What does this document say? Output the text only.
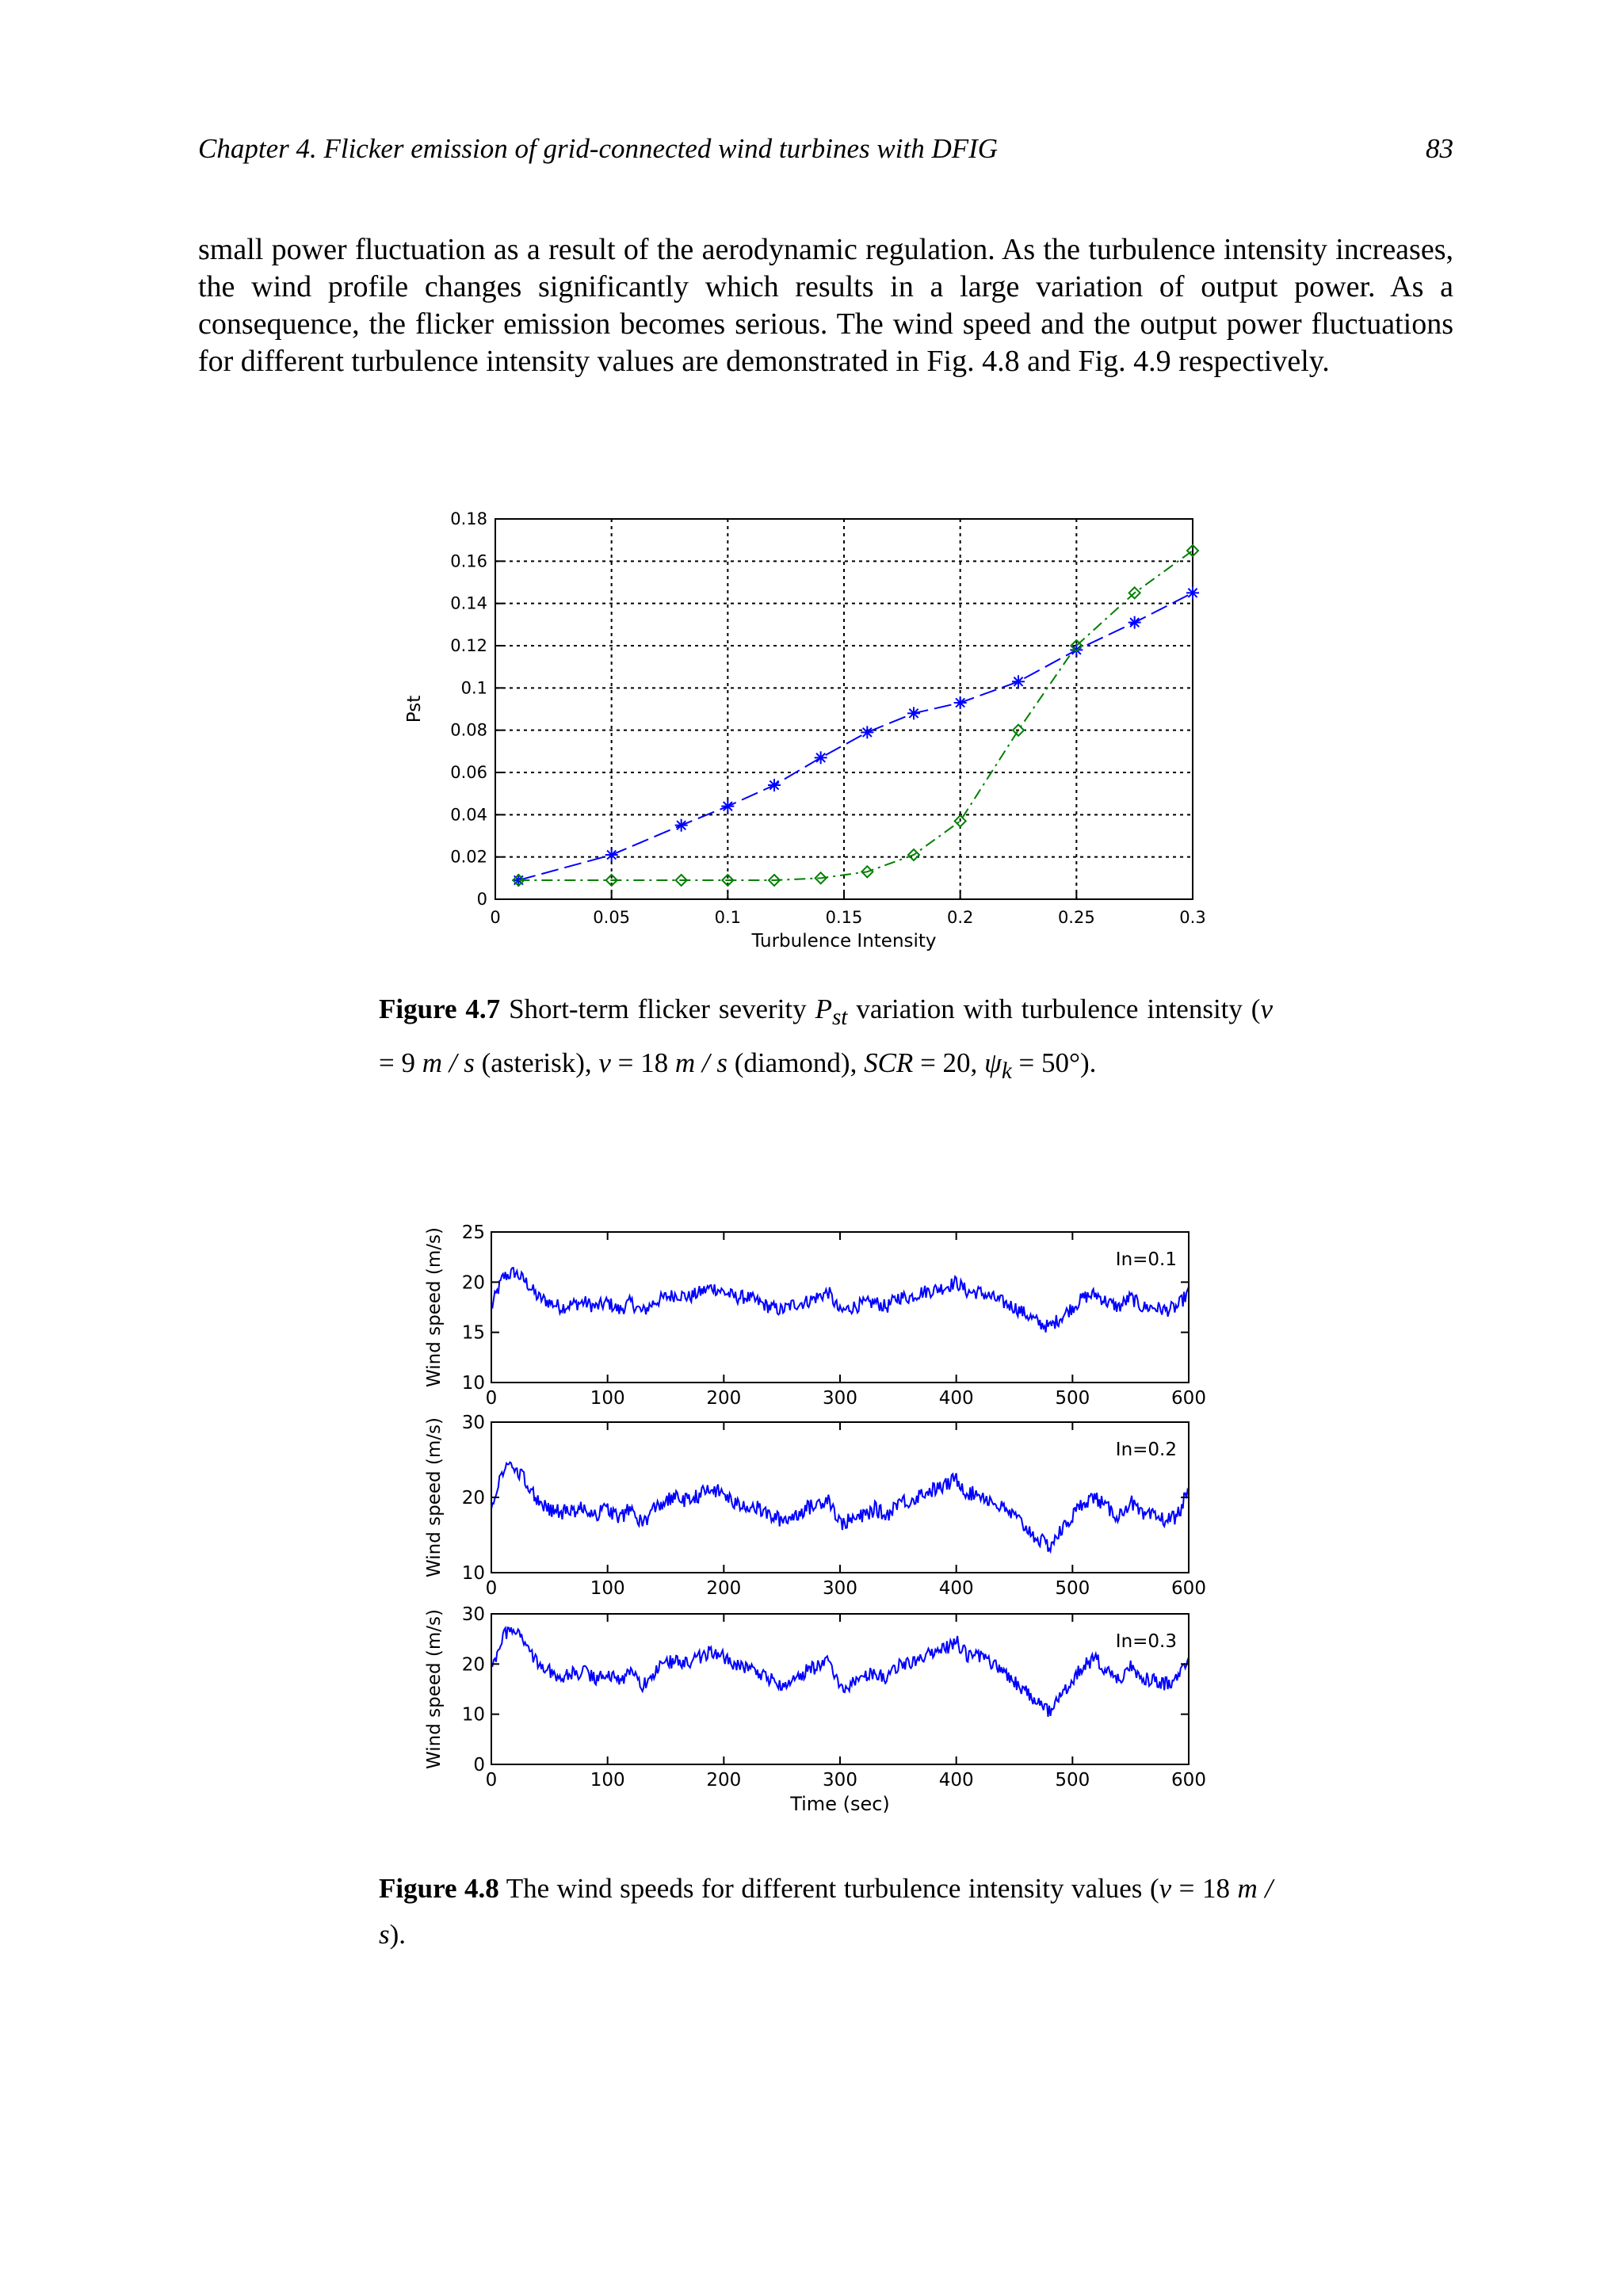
Chapter 4. Flicker emission of grid-connected wind turbines with DFIG	83

small power fluctuation as a result of the aerodynamic regulation. As the turbulence intensity increases, the wind profile changes significantly which results in a large variation of output power. As a consequence, the flicker emission becomes serious. The wind speed and the output power fluctuations for different turbulence intensity values are demonstrated in Fig. 4.8 and Fig. 4.9 respectively.

0	0.05	0.1	0.15	0.2	0.25	0.3
0
0.02
0.04
0.06
0.08
0.1
0.12
0.14
0.16
0.18
Turbulence Intensity
Pst

Figure 4.7 Short-term flicker severity $P_{st}$ variation with turbulence intensity (v = 9 m / s (asterisk), v = 18 m / s (diamond), SCR = 20, $\psi_k = 50^\circ$).

0	100	200	300	400	500	600
10
15
20
25
In=0.1
Wind speed (m/s)
0	100	200	300	400	500	600
10
20
30
In=0.2
Wind speed (m/s)
0	100	200	300	400	500	600
0
10
20
30
In=0.3
Wind speed (m/s)
Time (sec)

Figure 4.8 The wind speeds for different turbulence intensity values (v = 18 m / s).
